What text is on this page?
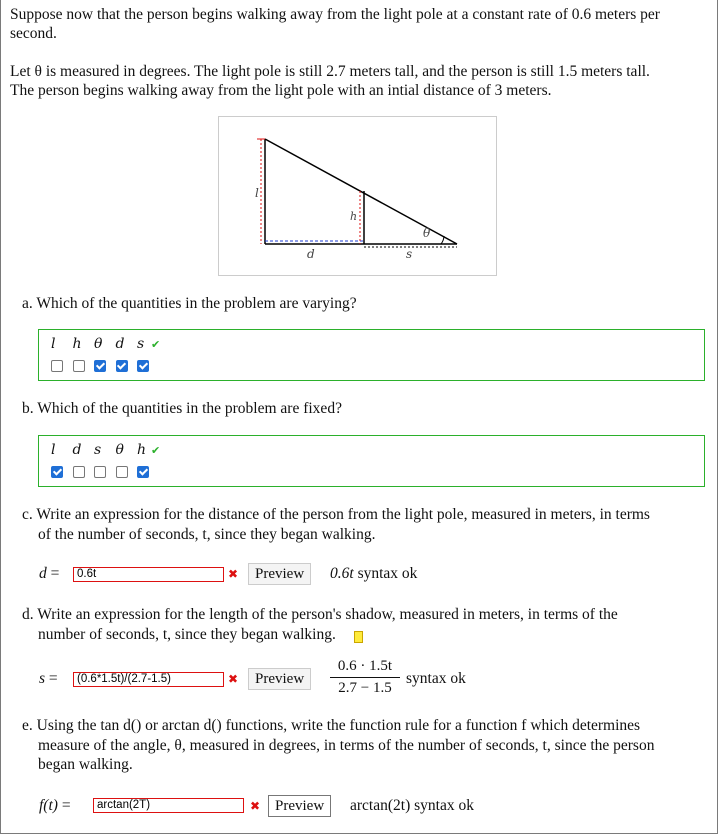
Suppose now that the person begins walking away from the light pole at a constant rate of 0.6 meters per
second.
Let θ is measured in degrees. The light pole is still 2.7 meters tall, and the person is still 1.5 meters tall.
The person begins walking away from the light pole with an intial distance of 3 meters.
l
h
θ
d	s
a. Which of the quantities in the problem are varying?
l h θ d s ✔
b. Which of the quantities in the problem are fixed?
l d s θ h ✔
c. Write an expression for the distance of the person from the light pole, measured in meters, in terms
of the number of seconds, t, since they began walking.
d =
0.6t	✖	Preview	0.6t syntax ok
d. Write an expression for the length of the person's shadow, measured in meters, in terms of the
number of seconds, t, since they began walking.
s =
(0.6*1.5t)/(2.7-1.5)	✖	Preview	$\frac{0.6 \cdot 1.5t}{2.7 - 1.5}$ syntax ok
e. Using the tan d() or arctan d() functions, write the function rule for a function f which determines
measure of the angle, θ, measured in degrees, in terms of the number of seconds, t, since the person
began walking.
f(t) =
arctan(2T)	✖ Preview	arctan(2t) syntax ok
